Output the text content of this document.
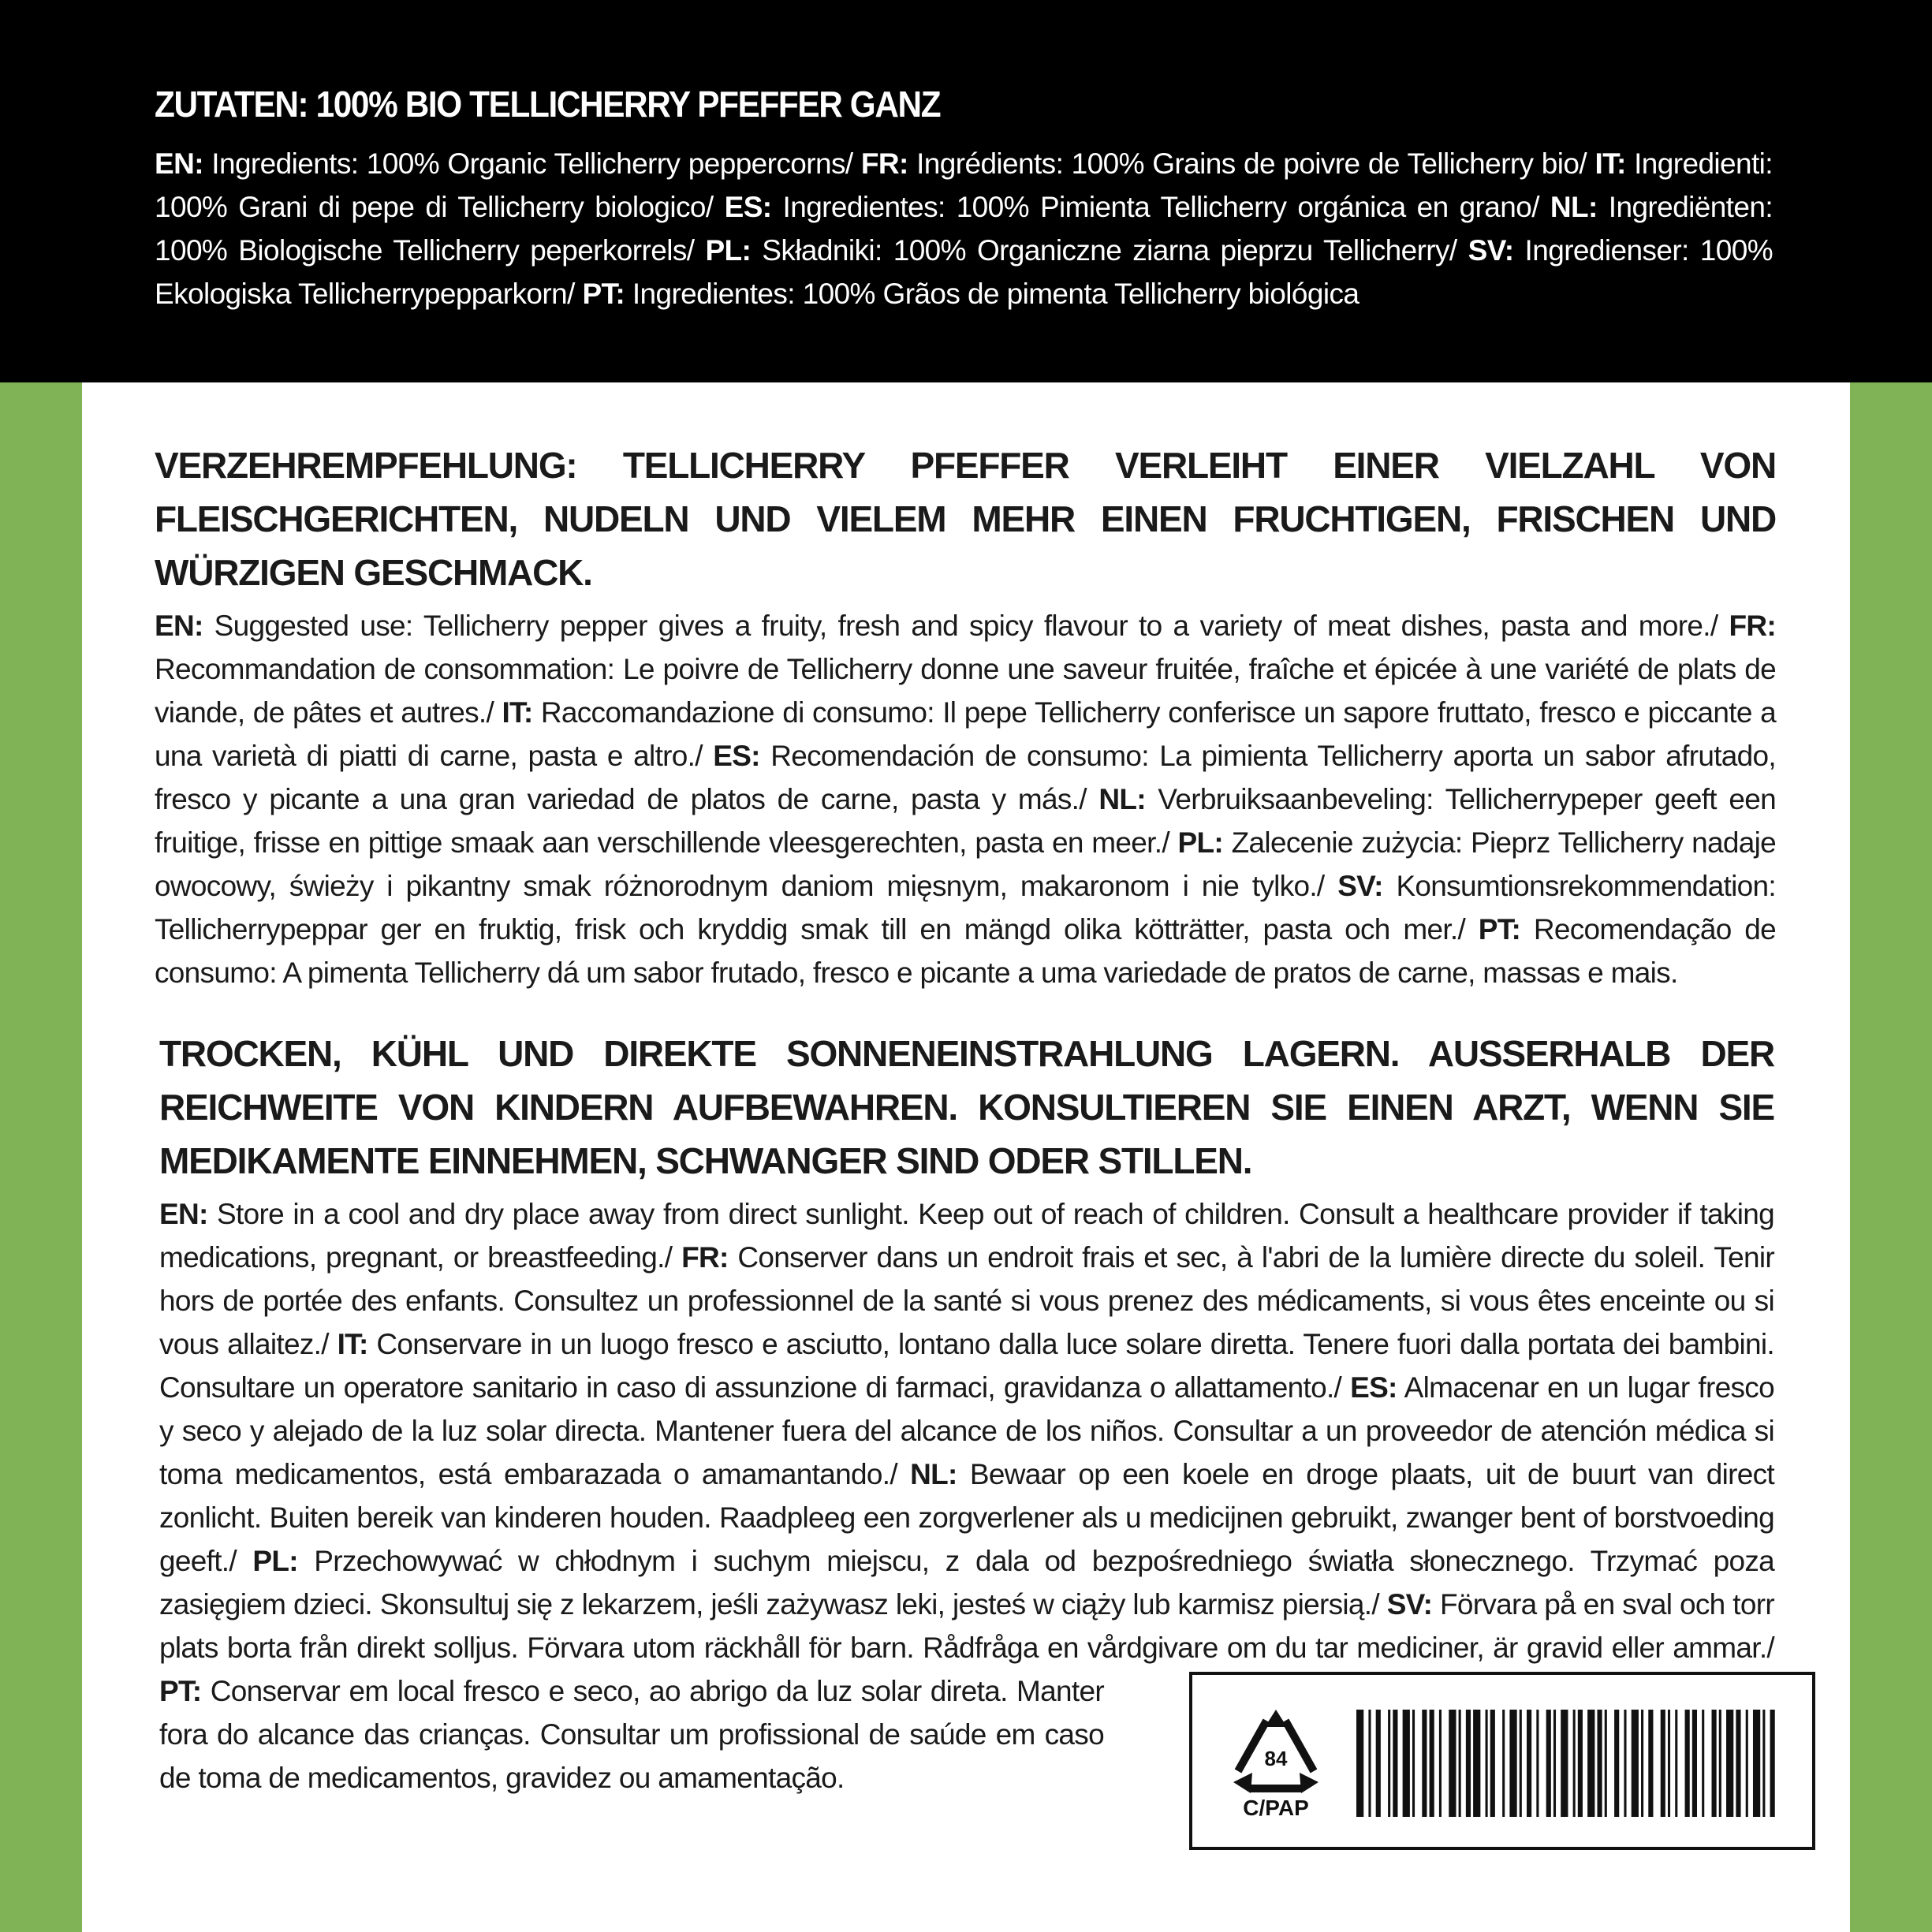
ZUTATEN: 100% BIO TELLICHERRY PFEFFER GANZ

EN: Ingredients: 100% Organic Tellicherry peppercorns/ FR: Ingrédients: 100% Grains de poivre de Tellicherry bio/ IT: Ingredienti: 100% Grani di pepe di Tellicherry biologico/ ES: Ingredientes: 100% Pimienta Tellicherry orgánica en grano/ NL: Ingrediënten: 100% Biologische Tellicherry peperkorrels/ PL: Składniki: 100% Organiczne ziarna pieprzu Tellicherry/ SV: Ingredienser: 100% Ekologiska Tellicherrypepparkorn/ PT: Ingredientes: 100% Grãos de pimenta Tellicherry biológica

VERZEHREMPFEHLUNG: TELLICHERRY PFEFFER VERLEIHT EINER VIELZAHL VON FLEISCHGERICHTEN, NUDELN UND VIELEM MEHR EINEN FRUCHTIGEN, FRISCHEN UND WÜRZIGEN GESCHMACK.

EN: Suggested use: Tellicherry pepper gives a fruity, fresh and spicy flavour to a variety of meat dishes, pasta and more./ FR: Recommandation de consommation: Le poivre de Tellicherry donne une saveur fruitée, fraîche et épicée à une variété de plats de viande, de pâtes et autres./ IT: Raccomandazione di consumo: Il pepe Tellicherry conferisce un sapore fruttato, fresco e piccante a una varietà di piatti di carne, pasta e altro./ ES: Recomendación de consumo: La pimienta Tellicherry aporta un sabor afrutado, fresco y picante a una gran variedad de platos de carne, pasta y más./ NL: Verbruiksaanbeveling: Tellicherrypeper geeft een fruitige, frisse en pittige smaak aan verschillende vleesgerechten, pasta en meer./ PL: Zalecenie zużycia: Pieprz Tellicherry nadaje owocowy, świeży i pikantny smak różnorodnym daniom mięsnym, makaronom i nie tylko./ SV: Konsumtionsrekommendation: Tellicherrypeppar ger en fruktig, frisk och kryddig smak till en mängd olika kötträtter, pasta och mer./ PT: Recomendação de consumo: A pimenta Tellicherry dá um sabor frutado, fresco e picante a uma variedade de pratos de carne, massas e mais.

TROCKEN, KÜHL UND DIREKTE SONNENEINSTRAHLUNG LAGERN. AUSSERHALB DER REICHWEITE VON KINDERN AUFBEWAHREN. KONSULTIEREN SIE EINEN ARZT, WENN SIE MEDIKAMENTE EINNEHMEN, SCHWANGER SIND ODER STILLEN.
84
C/PAP

EN: Store in a cool and dry place away from direct sunlight. Keep out of reach of children. Consult a healthcare provider if taking medications, pregnant, or breastfeeding./ FR: Conserver dans un endroit frais et sec, à l'abri de la lumière directe du soleil. Tenir hors de portée des enfants. Consultez un professionnel de la santé si vous prenez des médicaments, si vous êtes enceinte ou si vous allaitez./ IT: Conservare in un luogo fresco e asciutto, lontano dalla luce solare diretta. Tenere fuori dalla portata dei bambini. Consultare un operatore sanitario in caso di assunzione di farmaci, gravidanza o allattamento./ ES: Almacenar en un lugar fresco y seco y alejado de la luz solar directa. Mantener fuera del alcance de los niños. Consultar a un proveedor de atención médica si toma medicamentos, está embarazada o amamantando./ NL: Bewaar op een koele en droge plaats, uit de buurt van direct zonlicht. Buiten bereik van kinderen houden. Raadpleeg een zorgverlener als u medicijnen gebruikt, zwanger bent of borstvoeding geeft./ PL: Przechowywać w chłodnym i suchym miejscu, z dala od bezpośredniego światła słonecznego. Trzymać poza zasięgiem dzieci. Skonsultuj się z lekarzem, jeśli zażywasz leki, jesteś w ciąży lub karmisz piersią./ SV: Förvara på en sval och torr plats borta från direkt solljus. Förvara utom räckhåll för barn. Rådfråga en vårdgivare om du tar mediciner, är gravid eller ammar./ PT: Conservar em local fresco e seco, ao abrigo da luz solar direta. Manter fora do alcance das crianças. Consultar um profissional de saúde em caso de toma de medicamentos, gravidez ou amamentação.
